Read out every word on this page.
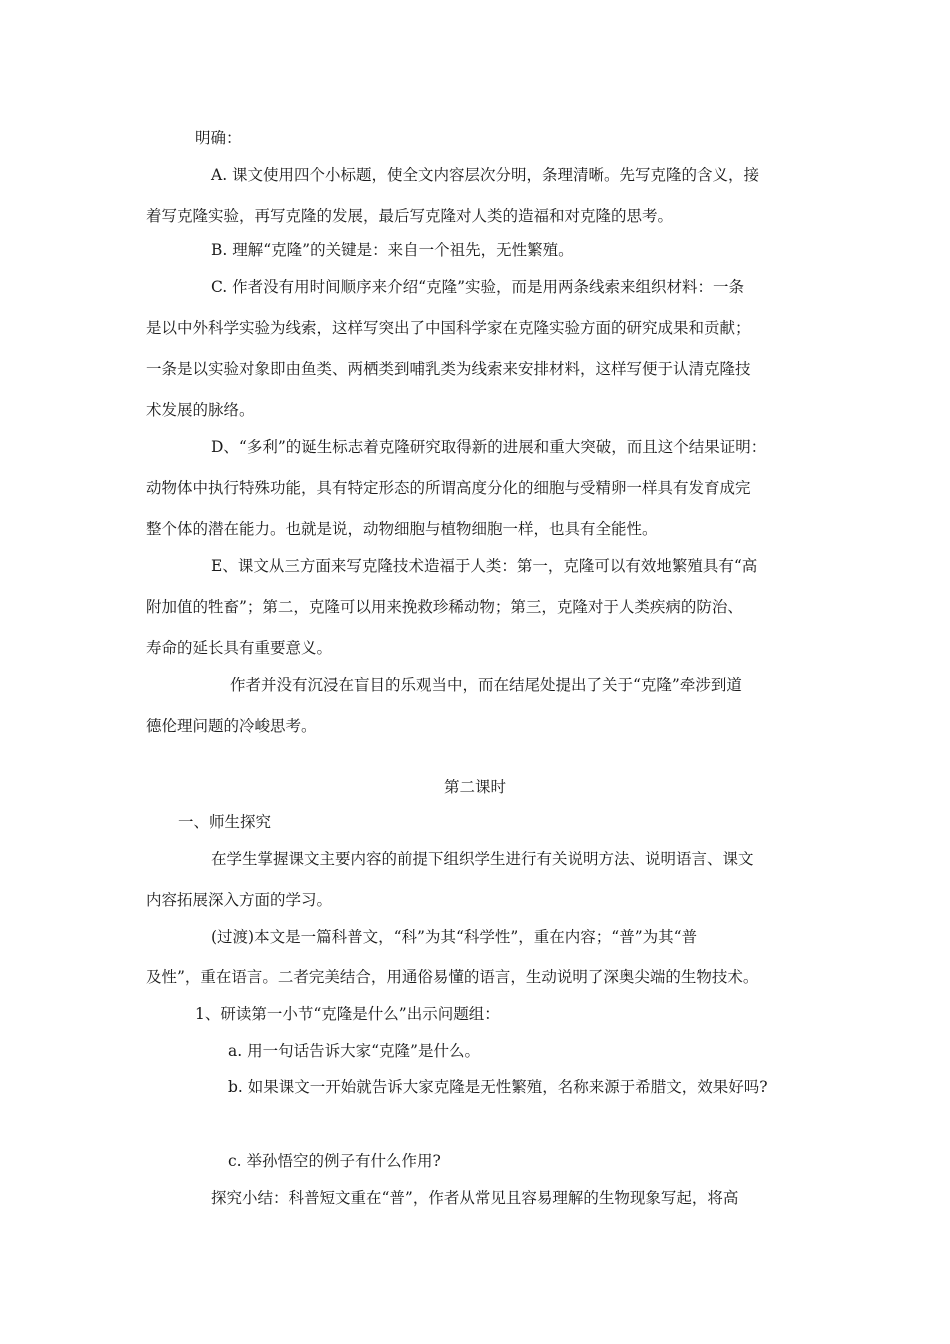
明确：
A. 课文使用四个小标题，使全文内容层次分明，条理清晰。先写克隆的含义，接
着写克隆实验，再写克隆的发展，最后写克隆对人类的造福和对克隆的思考。
B. 理解“克隆”的关键是：来自一个祖先，无性繁殖。
C. 作者没有用时间顺序来介绍“克隆”实验，而是用两条线索来组织材料：一条
是以中外科学实验为线索，这样写突出了中国科学家在克隆实验方面的研究成果和贡献；
一条是以实验对象即由鱼类、两栖类到哺乳类为线索来安排材料，这样写便于认清克隆技
术发展的脉络。
D、“多利”的诞生标志着克隆研究取得新的进展和重大突破，而且这个结果证明：
动物体中执行特殊功能，具有特定形态的所谓高度分化的细胞与受精卵一样具有发育成完
整个体的潜在能力。也就是说，动物细胞与植物细胞一样，也具有全能性。
E、课文从三方面来写克隆技术造福于人类：第一，克隆可以有效地繁殖具有“高
附加值的牲畜”；第二，克隆可以用来挽救珍稀动物；第三，克隆对于人类疾病的防治、
寿命的延长具有重要意义。
作者并没有沉浸在盲目的乐观当中，而在结尾处提出了关于“克隆”牵涉到道
德伦理问题的冷峻思考。
第二课时
一、师生探究
在学生掌握课文主要内容的前提下组织学生进行有关说明方法、说明语言、课文
内容拓展深入方面的学习。
(过渡)本文是一篇科普文，“科”为其“科学性”，重在内容；“普”为其“普
及性”，重在语言。二者完美结合，用通俗易懂的语言，生动说明了深奥尖端的生物技术。
1、研读第一小节“克隆是什么”出示问题组：
a. 用一句话告诉大家“克隆”是什么。
b. 如果课文一开始就告诉大家克隆是无性繁殖，名称来源于希腊文，效果好吗?
c. 举孙悟空的例子有什么作用?
探究小结：科普短文重在“普”，作者从常见且容易理解的生物现象写起，将高
